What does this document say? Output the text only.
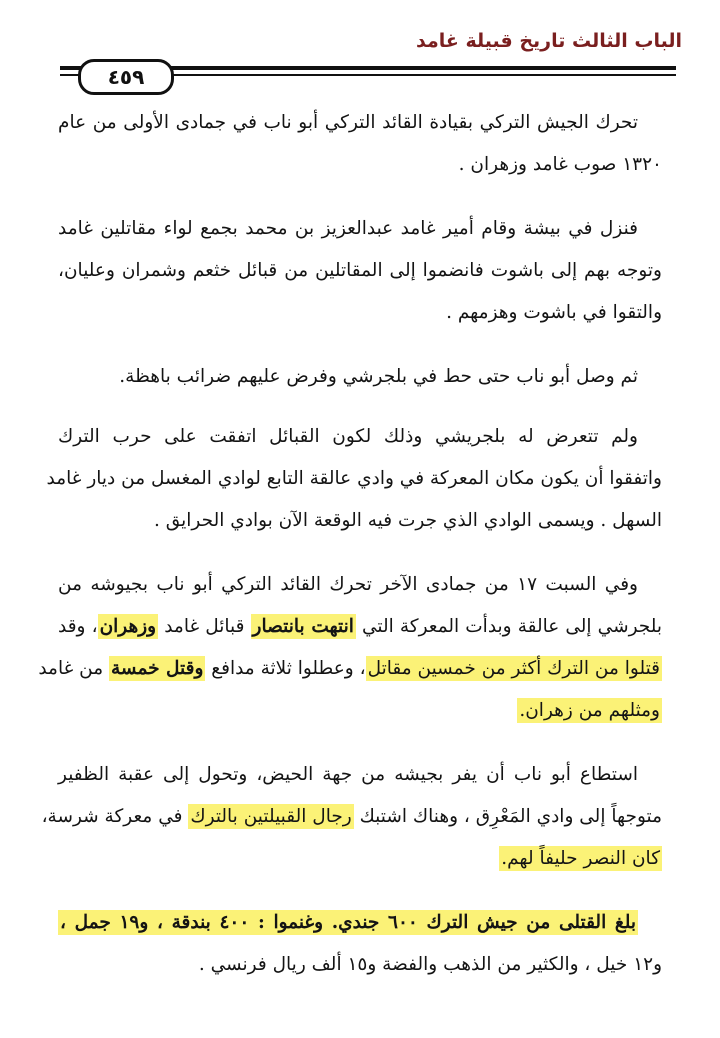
الباب الثالث تاريخ قبيلة غامد
٤٥٩
تحرك الجيش التركي بقيادة القائد التركي أبو ناب في جمادى الأولى من عام
١٣٢٠ صوب غامد وزهران .
فنزل في بيشة وقام أمير غامد عبدالعزيز بن محمد بجمع لواء مقاتلين غامد
وتوجه بهم إلى باشوت فانضموا إلى المقاتلين من قبائل خثعم وشمران وعليان،
والتقوا في باشوت وهزمهم .
ثم وصل أبو ناب حتى حط في بلجرشي وفرض عليهم ضرائب باهظة.
ولم تتعرض له بلجريشي وذلك لكون القبائل اتفقت على حرب الترك
واتفقوا أن يكون مكان المعركة في وادي عالقة التابع لوادي المغسل من ديار غامد
السهل . ويسمى الوادي الذي جرت فيه الوقعة الآن بوادي الحرايق .
وفي السبت ١٧ من جمادى الآخر تحرك القائد التركي أبو ناب بجيوشه من
بلجرشي إلى عالقة وبدأت المعركة التي انتهت بانتصار قبائل غامد وزهران، وقد
قتلوا من الترك أكثر من خمسين مقاتل، وعطلوا ثلاثة مدافع وقتل خمسة من غامد
ومثلهم من زهران.
استطاع أبو ناب أن يفر بجيشه من جهة الحيض، وتحول إلى عقبة الظفير
متوجهاً إلى وادي المَعْرِق ، وهناك اشتبك رجال القبيلتين بالترك في معركة شرسة،
كان النصر حليفاً لهم.
بلغ القتلى من جيش الترك ٦٠٠ جندي. وغنموا : ٤٠٠ بندقة ، و١٩ جمل ،
و١٢ خيل ، والكثير من الذهب والفضة و١٥ ألف ريال فرنسي .
